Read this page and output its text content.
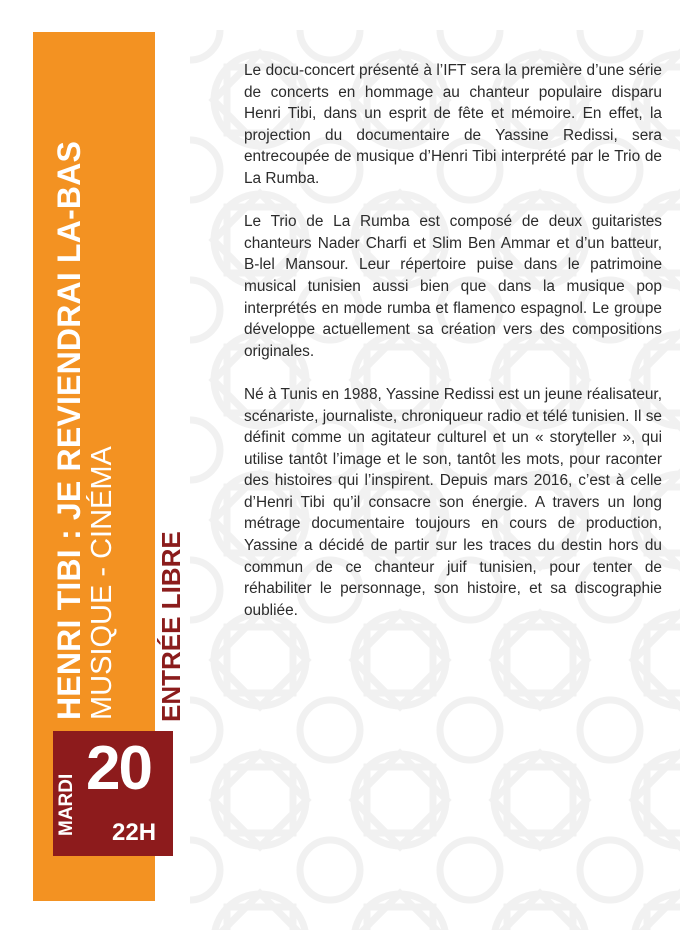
HENRI TIBI : JE REVIENDRAI LA-BAS MUSIQUE - CINÉMA ENTRÉE LIBRE
MARDI
20
22H

Le docu-concert présenté à l’IFT sera la première d’une série de concerts en hommage au chanteur populaire disparu Henri Tibi, dans un esprit de fête et mémoire. En effet, la projection du documentaire de Yassine Redissi, sera entrecoupée de musique d’Henri Tibi interprété par le Trio de La Rumba.

Le Trio de La Rumba est composé de deux guitaristes chanteurs Nader Charfi et Slim Ben Ammar et d’un batteur, B-lel Mansour. Leur répertoire puise dans le patrimoine musical tunisien aussi bien que dans la musique pop interprétés en mode rumba et flamenco espagnol. Le groupe développe actuellement sa création vers des compositions originales.

Né à Tunis en 1988, Yassine Redissi est un jeune réalisateur, scénariste, journaliste, chroniqueur radio et télé tunisien. Il se définit comme un agitateur culturel et un « storyteller », qui utilise tantôt l’image et le son, tantôt les mots, pour raconter des histoires qui l’inspirent. Depuis mars 2016, c’est à celle d’Henri Tibi qu’il consacre son énergie. A travers un long métrage documentaire toujours en cours de production, Yassine a décidé de partir sur les traces du destin hors du commun de ce chanteur juif tunisien, pour tenter de réhabiliter le personnage, son histoire, et sa discographie oubliée.
